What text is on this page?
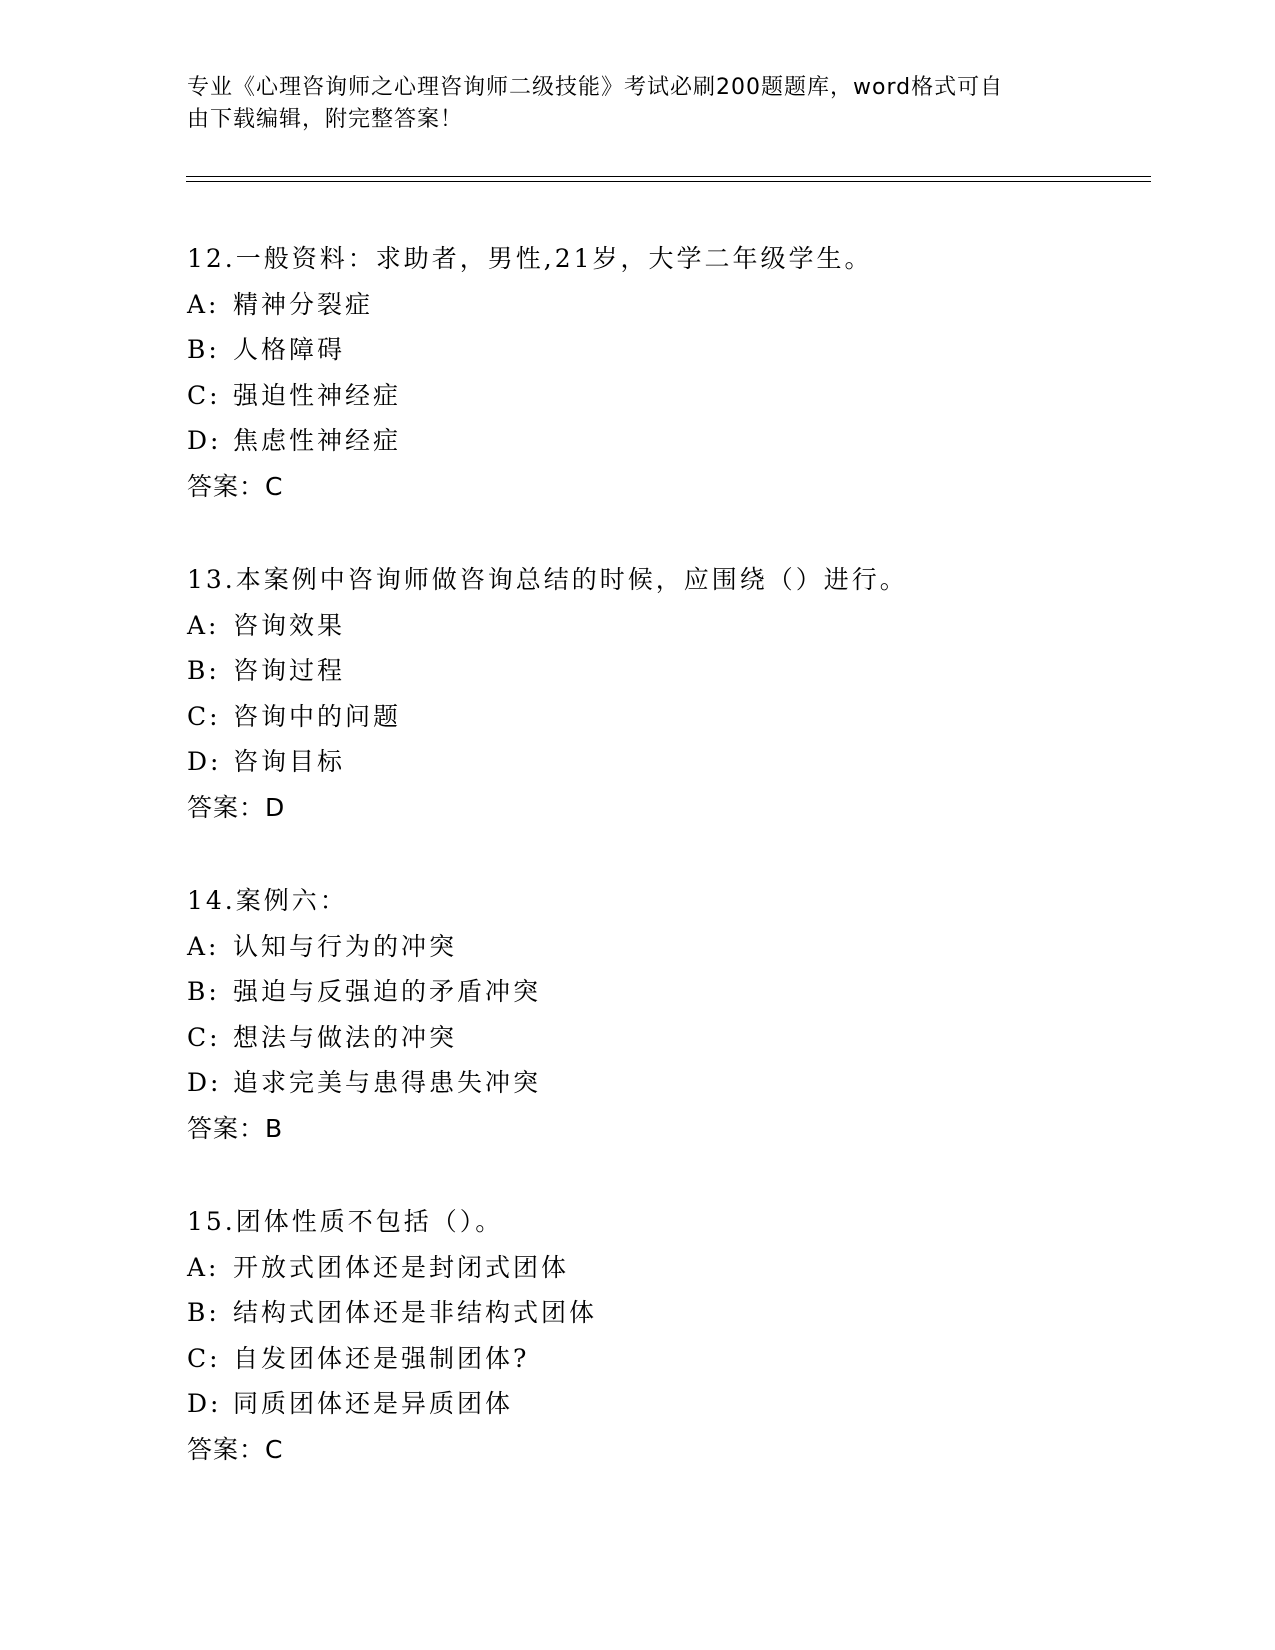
专业《心理咨询师之心理咨询师二级技能》考试必刷200题题库，word格式可自
由下载编辑，附完整答案！
12.一般资料：求助者，男性,21岁，大学二年级学生。
A: 精神分裂症
B: 人格障碍
C: 强迫性神经症
D: 焦虑性神经症
答案：C
13.本案例中咨询师做咨询总结的时候，应围绕（）进行。
A: 咨询效果
B: 咨询过程
C: 咨询中的问题
D: 咨询目标
答案：D
14.案例六：
A: 认知与行为的冲突
B: 强迫与反强迫的矛盾冲突
C: 想法与做法的冲突
D: 追求完美与患得患失冲突
答案：B
15.团体性质不包括（）。
A: 开放式团体还是封闭式团体
B: 结构式团体还是非结构式团体
C: 自发团体还是强制团体?
D: 同质团体还是异质团体
答案：C
